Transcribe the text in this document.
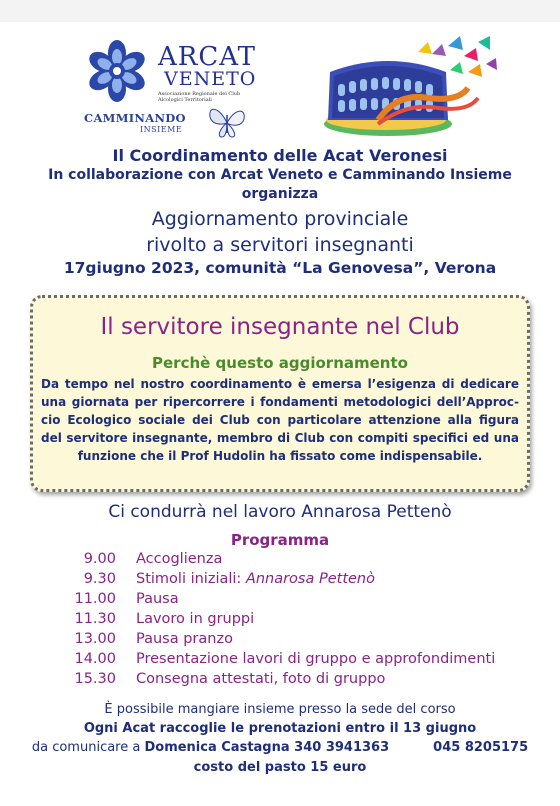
ARCAT
VENETO
Associazione Regionale dei Club Alcologici Territoriali
CAMMINANDO
INSIEME
Il Coordinamento delle Acat Veronesi
In collaborazione con Arcat Veneto e Camminando Insieme
organizza
Aggiornamento provinciale
rivolto a servitori insegnanti
17giugno 2023, comunità “La Genovesa”, Verona
Il servitore insegnante nel Club
Perchè questo aggiornamento
Da tempo nel nostro coordinamento è emersa l’esigenza di dedicare una giornata per ripercorrere i fondamenti metodologici dell’Approc-cio Ecologico sociale dei Club con particolare attenzione alla figura del servitore insegnante, membro di Club con compiti specifici ed una funzione che il Prof Hudolin ha fissato come indispensabile.
Ci condurrà nel lavoro Annarosa Pettenò
Programma
9.00 Accoglienza
9.30 Stimoli iniziali: Annarosa Pettenò
11.00 Pausa
11.30 Lavoro in gruppi
13.00 Pausa pranzo
14.00 Presentazione lavori di gruppo e approfondimenti
15.30 Consegna attestati, foto di gruppo
È possibile mangiare insieme presso la sede del corso
Ogni Acat raccoglie le prenotazioni entro il 13 giugno
da comunicare a Domenica Castagna 340 3941363	045 8205175
costo del pasto 15 euro
